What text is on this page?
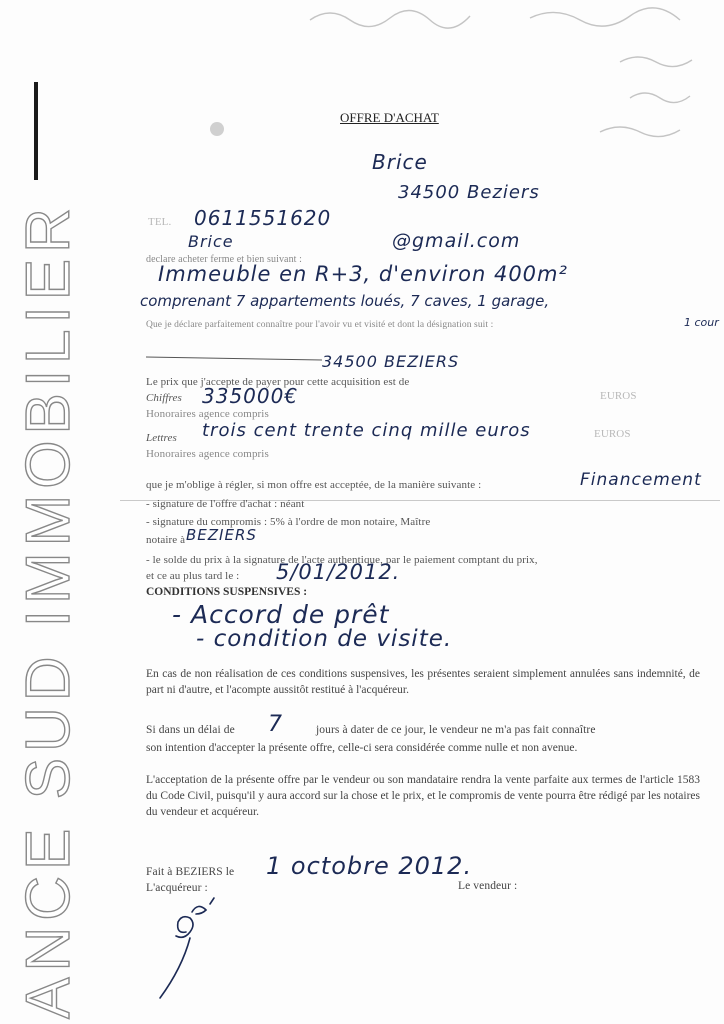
ANCE SUD IMMOBILIER
OFFRE D'ACHAT
Brice
34500 Beziers
TEL. 0611551620
Brice	@gmail.com
declare acheter ferme et bien suivant :
Immeuble en R+3, d'environ 400m²
comprenant 7 appartements loués, 7 caves, 1 garage,
Que je déclare parfaitement connaître pour l'avoir vu et visité et dont la désignation suit :	1 cour
34500 BEZIERS
Le prix que j'accepte de payer pour cette acquisition est de
Chiffres 335000€	EUROS
Honoraires agence compris
Lettres trois cent trente cinq mille euros	EUROS
Honoraires agence compris
que je m'oblige à régler, si mon offre est acceptée, de la manière suivante :	Financement
- signature de l'offre d'achat : néant
- signature du compromis : 5% à l'ordre de mon notaire, Maître
notaire à BEZIERS
- le solde du prix à la signature de l'acte authentique, par le paiement comptant du prix,
et ce au plus tard le : 5/01/2012.
CONDITIONS SUSPENSIVES :
- Accord de prêt
- condition de visite.
En cas de non réalisation de ces conditions suspensives, les présentes seraient simplement annulées sans indemnité, de part ni d'autre, et l'acompte aussitôt restitué à l'acquéreur.
Si dans un délai de 7	jours à dater de ce jour, le vendeur ne m'a pas fait connaître
son intention d'accepter la présente offre, celle-ci sera considérée comme nulle et non avenue.
L'acceptation de la présente offre par le vendeur ou son mandataire rendra la vente parfaite aux termes de l'article 1583 du Code Civil, puisqu'il y aura accord sur la chose et le prix, et le compromis de vente pourra être rédigé par les notaires du vendeur et acquéreur.
Fait à BEZIERS le 1 octobre 2012.
L'acquéreur :	Le vendeur :
